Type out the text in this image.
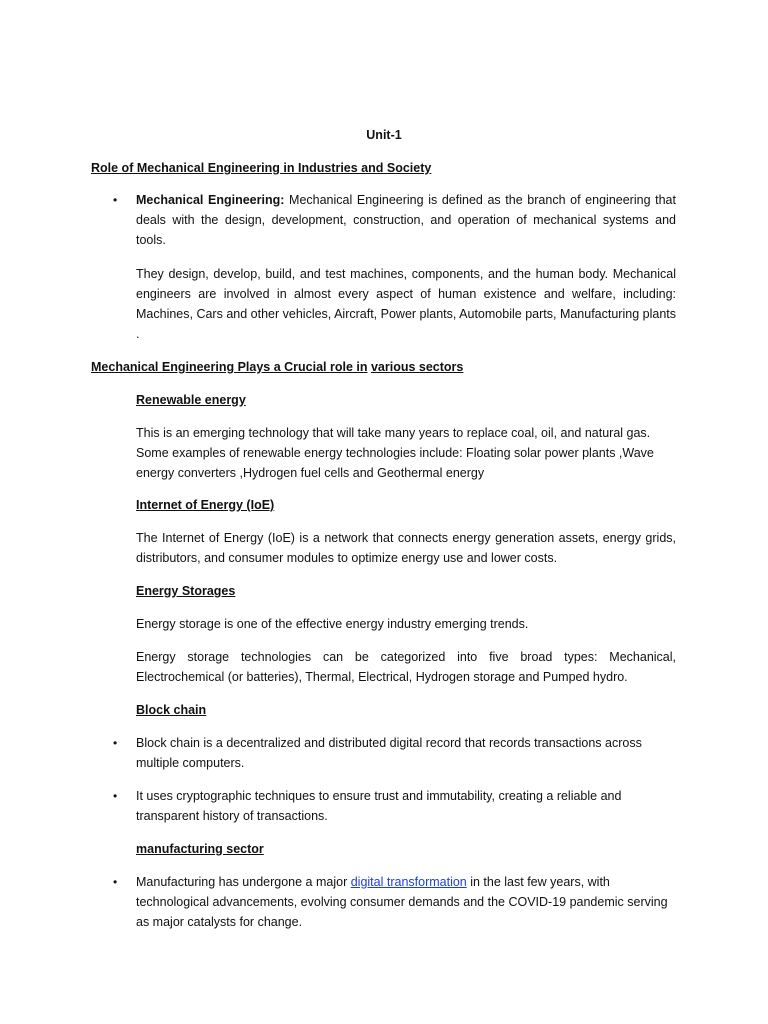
Unit-1
Role of Mechanical Engineering in Industries and Society
• Mechanical Engineering: Mechanical Engineering is defined as the branch of engineering that deals with the design, development, construction, and operation of mechanical systems and tools.

They design, develop, build, and test machines, components, and the human body. Mechanical engineers are involved in almost every aspect of human existence and welfare, including: Machines, Cars and other vehicles, Aircraft, Power plants, Automobile parts, Manufacturing plants .

Mechanical Engineering Plays a Crucial role in various sectors
Renewable energy

This is an emerging technology that will take many years to replace coal, oil, and natural gas. Some examples of renewable energy technologies include: Floating solar power plants ,Wave energy converters ,Hydrogen fuel cells and Geothermal energy

Internet of Energy (IoE)

The Internet of Energy (IoE) is a network that connects energy generation assets, energy grids, distributors, and consumer modules to optimize energy use and lower costs.

Energy Storages

Energy storage is one of the effective energy industry emerging trends.

Energy storage technologies can be categorized into five broad types: Mechanical, Electrochemical (or batteries), Thermal, Electrical, Hydrogen storage and Pumped hydro.

Block chain
• Block chain is a decentralized and distributed digital record that records transactions across multiple computers.

• It uses cryptographic techniques to ensure trust and immutability, creating a reliable and transparent history of transactions.

manufacturing sector
• Manufacturing has undergone a major digital transformation in the last few years, with technological advancements, evolving consumer demands and the COVID-19 pandemic serving as major catalysts for change.
